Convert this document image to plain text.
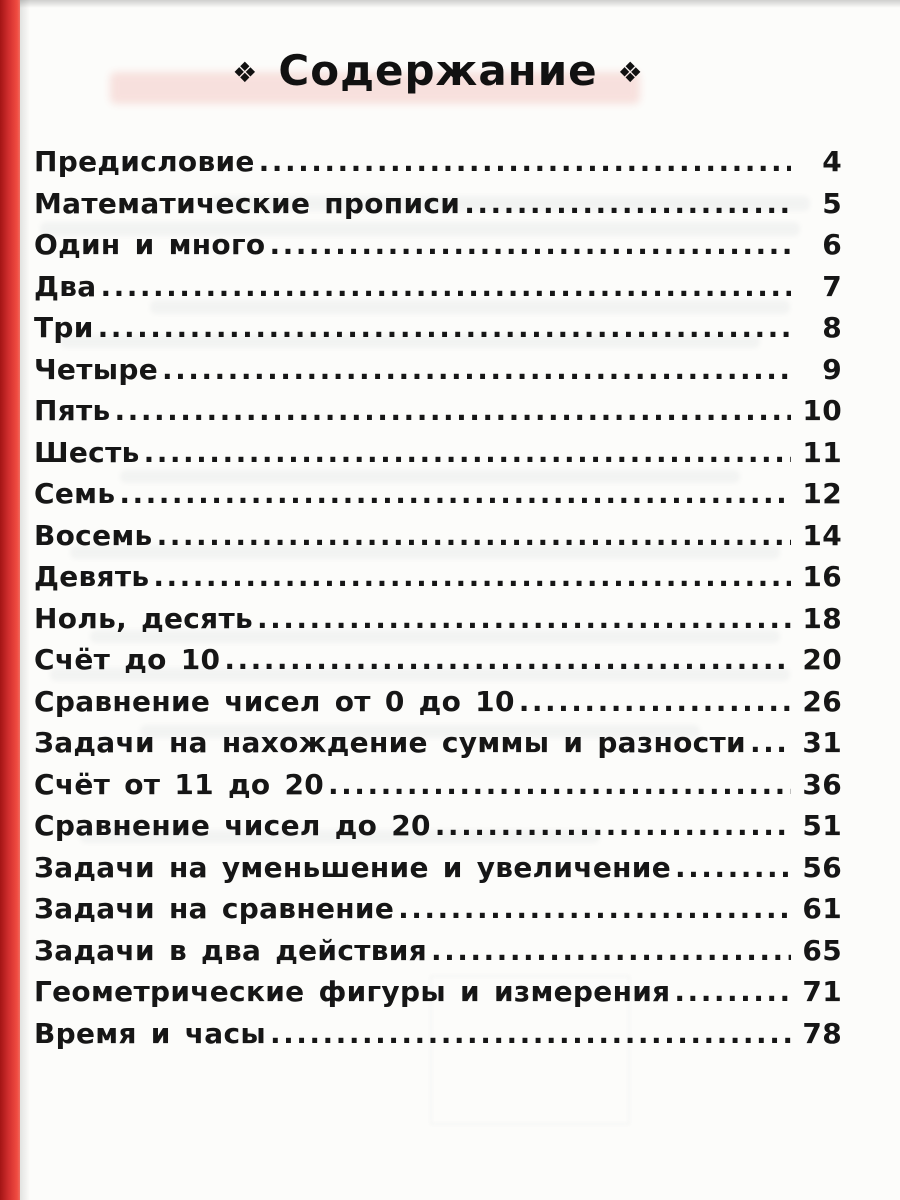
❖ Содержание ❖
Предисловие .....	4
Математические прописи .....	5
Один и много .....	6
Два .....	7
Три .....	8
Четыре .....	9
Пять .....	10
Шесть .....	11
Семь .....	12
Восемь .....	14
Девять .....	16
Ноль, десять .....	18
Счёт до 10 .....	20
Сравнение чисел от 0 до 10 .....	26
Задачи на нахождение суммы и разности ..... 31
Счёт от 11 до 20 .....	36
Сравнение чисел до 20 .....	51
Задачи на уменьшение и увеличение .....	56
Задачи на сравнение .....	61
Задачи в два действия .....	65
Геометрические фигуры и измерения .....	71
Время и часы .....	78
